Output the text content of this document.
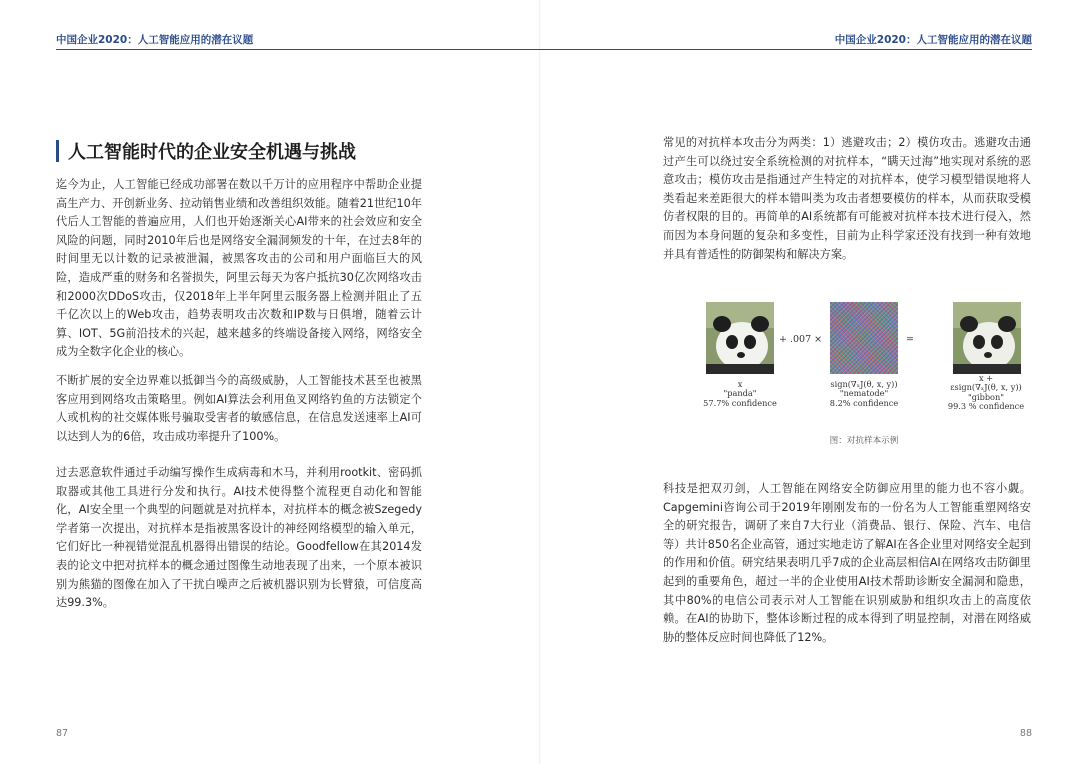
中国企业2020：人工智能应用的潜在议题
人工智能时代的企业安全机遇与挑战

迄今为止，人工智能已经成功部署在数以千万计的应用程序中帮助企业提高生产力、开创新业务、拉动销售业绩和改善组织效能。随着21世纪10年代后人工智能的普遍应用，人们也开始逐渐关心AI带来的社会效应和安全风险的问题，同时2010年后也是网络安全漏洞频发的十年，在过去8年的时间里无以计数的记录被泄漏，被黑客攻击的公司和用户面临巨大的风险，造成严重的财务和名誉损失，阿里云每天为客户抵抗30亿次网络攻击和2000次DDoS攻击，仅2018年上半年阿里云服务器上检测并阻止了五千亿次以上的Web攻击，趋势表明攻击次数和IP数与日俱增，随着云计算、IOT、5G前沿技术的兴起，越来越多的终端设备接入网络，网络安全成为全数字化企业的核心。

不断扩展的安全边界难以抵御当今的高级威胁，人工智能技术甚至也被黑客应用到网络攻击策略里。例如AI算法会利用鱼叉网络钓鱼的方法锁定个人或机构的社交媒体账号骗取受害者的敏感信息，在信息发送速率上AI可以达到人为的6倍，攻击成功率提升了100%。

过去恶意软件通过手动编写操作生成病毒和木马，并利用rootkit、密码抓取器或其他工具进行分发和执行。AI技术使得整个流程更自动化和智能化，AI安全里一个典型的问题就是对抗样本，对抗样本的概念被Szegedy学者第一次提出，对抗样本是指被黑客设计的神经网络模型的输入单元，它们好比一种视错觉混乱机器得出错误的结论。Goodfellow在其2014发表的论文中把对抗样本的概念通过图像生动地表现了出来，一个原本被识别为熊猫的图像在加入了干扰白噪声之后被机器识别为长臂猿，可信度高达99.3%。

87
中国企业2020：人工智能应用的潜在议题

常见的对抗样本攻击分为两类：1）逃避攻击；2）模仿攻击。逃避攻击通过产生可以绕过安全系统检测的对抗样本，“瞒天过海”地实现对系统的恶意攻击；模仿攻击是指通过产生特定的对抗样本，使学习模型错误地将人类看起来差距很大的样本错叫类为攻击者想要模仿的样本，从而获取受模仿者权限的目的。再简单的AI系统都有可能被对抗样本技术进行侵入，然而因为本身问题的复杂和多变性，目前为止科学家还没有找到一种有效地并具有普适性的防御架构和解决方案。

+ .007 ×	=
x
"panda"
57.7% confidence
sign(∇ₓJ(θ, x, y))
"nematode"
8.2% confidence
x +
εsign(∇ₓJ(θ, x, y))
"gibbon"
99.3 % confidence
图：对抗样本示例

科技是把双刃剑，人工智能在网络安全防御应用里的能力也不容小觑。Capgemini咨询公司于2019年刚刚发布的一份名为人工智能重塑网络安全的研究报告，调研了来自7大行业（消费品、银行、保险、汽车、电信等）共计850名企业高管，通过实地走访了解AI在各企业里对网络安全起到的作用和价值。研究结果表明几乎7成的企业高层相信AI在网络攻击防御里起到的重要角色，超过一半的企业使用AI技术帮助诊断安全漏洞和隐患，其中80%的电信公司表示对人工智能在识别威胁和组织攻击上的高度依赖。在AI的协助下，整体诊断过程的成本得到了明显控制，对潜在网络威胁的整体反应时间也降低了12%。

88
